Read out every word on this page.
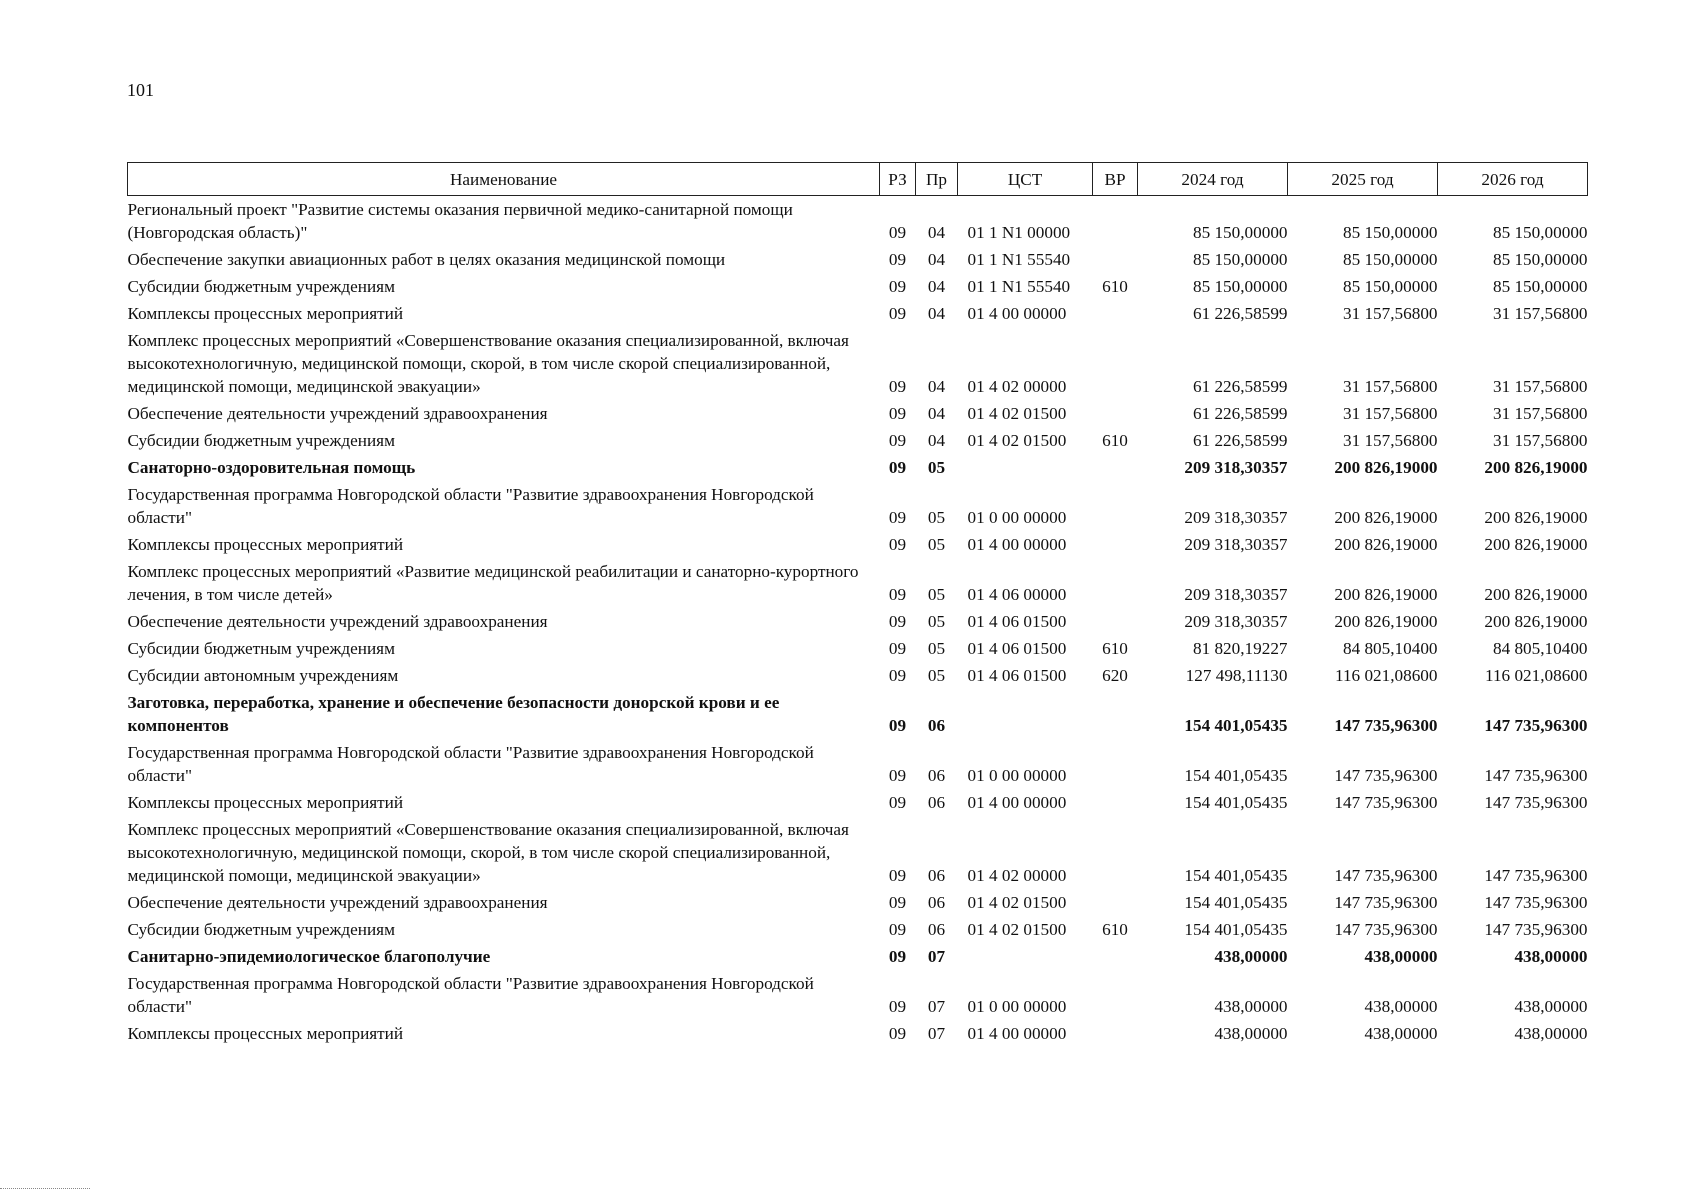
101
Наименование	РЗ	Пр	ЦСТ	ВР	2024 год	2025 год	2026 год
Региональный проект "Развитие системы оказания первичной медико-санитарной помощи (Новгородская область)"	09	04	01 1 N1 00000		85 150,00000	85 150,00000	85 150,00000
Обеспечение закупки авиационных работ в целях оказания медицинской помощи	09	04	01 1 N1 55540		85 150,00000	85 150,00000	85 150,00000
Субсидии бюджетным учреждениям	09	04	01 1 N1 55540	610	85 150,00000	85 150,00000	85 150,00000
Комплексы процессных мероприятий	09	04	01 4 00 00000		61 226,58599	31 157,56800	31 157,56800
Комплекс процессных мероприятий «Совершенствование оказания специализированной, включая высокотехнологичную, медицинской помощи, скорой, в том числе скорой специализированной, медицинской помощи, медицинской эвакуации»	09	04	01 4 02 00000		61 226,58599	31 157,56800	31 157,56800
Обеспечение деятельности учреждений здравоохранения	09	04	01 4 02 01500		61 226,58599	31 157,56800	31 157,56800
Субсидии бюджетным учреждениям	09	04	01 4 02 01500	610	61 226,58599	31 157,56800	31 157,56800
Санаторно-оздоровительная помощь	09	05			209 318,30357	200 826,19000	200 826,19000
Государственная программа Новгородской области "Развитие здравоохранения Новгородской области"	09	05	01 0 00 00000		209 318,30357	200 826,19000	200 826,19000
Комплексы процессных мероприятий	09	05	01 4 00 00000		209 318,30357	200 826,19000	200 826,19000
Комплекс процессных мероприятий «Развитие медицинской реабилитации и санаторно-курортного лечения, в том числе детей»	09	05	01 4 06 00000		209 318,30357	200 826,19000	200 826,19000
Обеспечение деятельности учреждений здравоохранения	09	05	01 4 06 01500		209 318,30357	200 826,19000	200 826,19000
Субсидии бюджетным учреждениям	09	05	01 4 06 01500	610	81 820,19227	84 805,10400	84 805,10400
Субсидии автономным учреждениям	09	05	01 4 06 01500	620	127 498,11130	116 021,08600	116 021,08600
Заготовка, переработка, хранение и обеспечение безопасности донорской крови и ее компонентов	09	06			154 401,05435	147 735,96300	147 735,96300
Государственная программа Новгородской области "Развитие здравоохранения Новгородской области"	09	06	01 0 00 00000		154 401,05435	147 735,96300	147 735,96300
Комплексы процессных мероприятий	09	06	01 4 00 00000		154 401,05435	147 735,96300	147 735,96300
Комплекс процессных мероприятий «Совершенствование оказания специализированной, включая высокотехнологичную, медицинской помощи, скорой, в том числе скорой специализированной, медицинской помощи, медицинской эвакуации»	09	06	01 4 02 00000		154 401,05435	147 735,96300	147 735,96300
Обеспечение деятельности учреждений здравоохранения	09	06	01 4 02 01500		154 401,05435	147 735,96300	147 735,96300
Субсидии бюджетным учреждениям	09	06	01 4 02 01500	610	154 401,05435	147 735,96300	147 735,96300
Санитарно-эпидемиологическое благополучие	09	07			438,00000	438,00000	438,00000
Государственная программа Новгородской области "Развитие здравоохранения Новгородской области"	09	07	01 0 00 00000		438,00000	438,00000	438,00000
Комплексы процессных мероприятий	09	07	01 4 00 00000		438,00000	438,00000	438,00000
